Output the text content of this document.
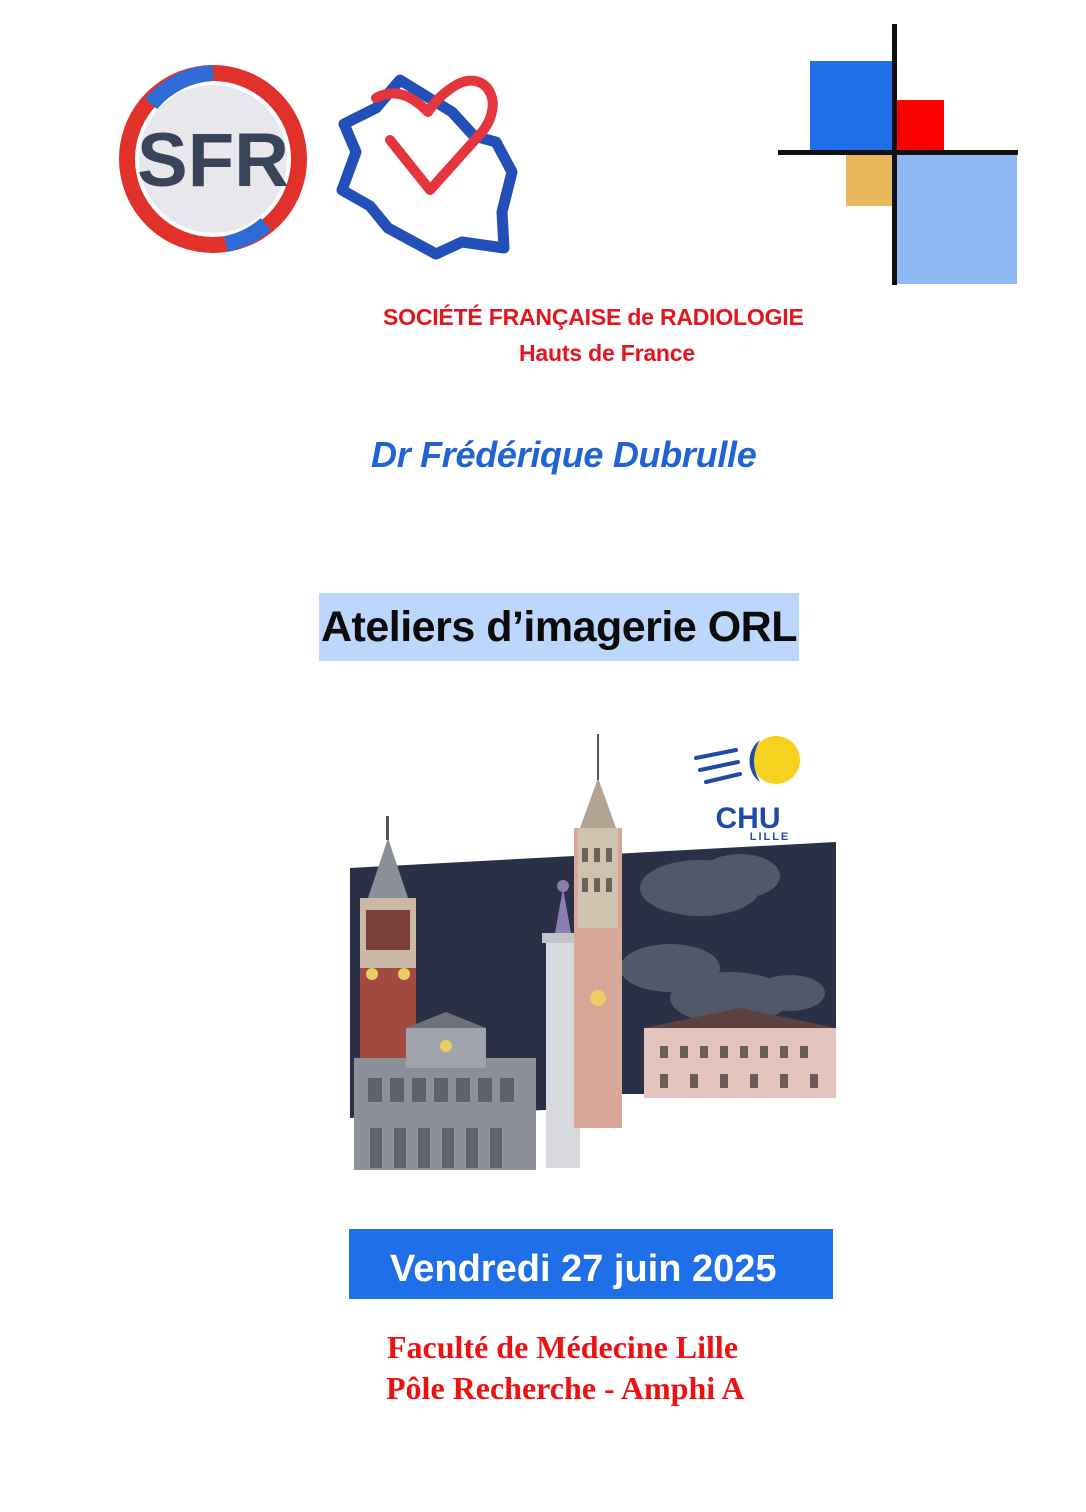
SFR
SOCIÉTÉ FRANÇAISE de RADIOLOGIE
Hauts de France
Dr Frédérique Dubrulle
Ateliers d’imagerie ORL
CHU
LILLE
Vendredi 27 juin 2025
Faculté de Médecine Lille
Pôle Recherche - Amphi A
